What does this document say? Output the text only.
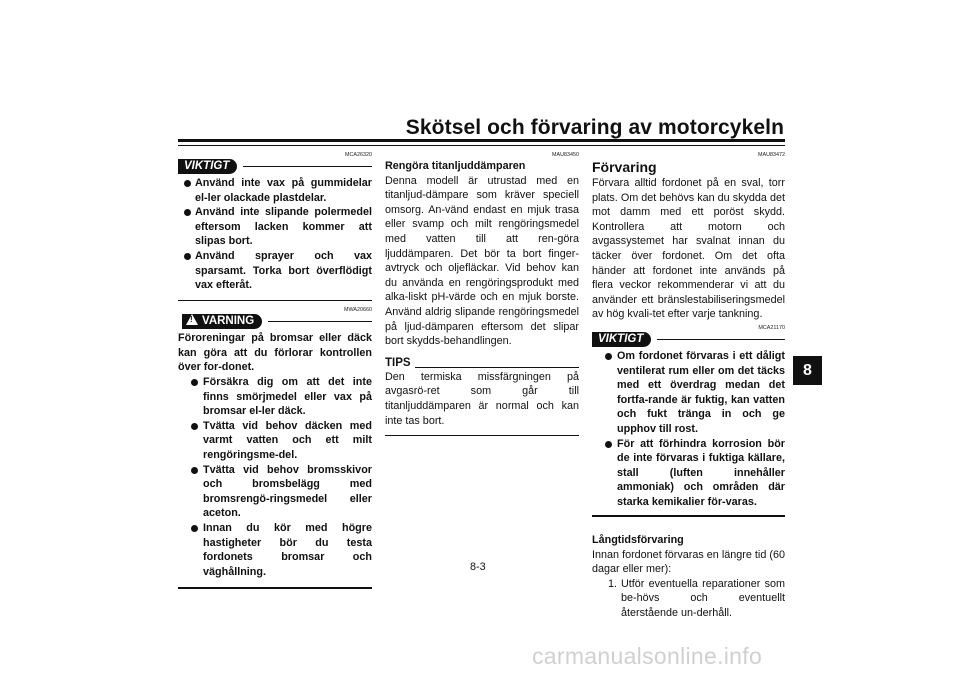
Skötsel och förvaring av motorcykeln
8
MCA26320
VIKTIGT
Använd inte vax på gummidelar el-ler olackade plastdelar.
Använd inte slipande polermedel eftersom lacken kommer att slipas bort.
Använd sprayer och vax sparsamt. Torka bort överflödigt vax efteråt.
MWA20660
!VARNING
Föroreningar på bromsar eller däck kan göra att du förlorar kontrollen över for-donet.
Försäkra dig om att det inte finns smörjmedel eller vax på bromsar el-ler däck.
Tvätta vid behov däcken med varmt vatten och ett milt rengöringsme-del.
Tvätta vid behov bromsskivor och bromsbelägg med bromsrengö-ringsmedel eller aceton.
Innan du kör med högre hastigheter bör du testa fordonets bromsar och väghållning.
MAU83450
Rengöra titanljuddämparen
Denna modell är utrustad med en titanljud-dämpare som kräver speciell omsorg. An-vänd endast en mjuk trasa eller svamp och milt rengöringsmedel med vatten till att ren-göra ljuddämparen. Det bör ta bort finger-avtryck och oljefläckar. Vid behov kan du använda en rengöringsprodukt med alka-liskt pH-värde och en mjuk borste. Använd aldrig slipande rengöringsmedel på ljud-dämparen eftersom det slipar bort skydds-behandlingen.
TIPS
Den termiska missfärgningen på avgasrö-ret som går till titanljuddämparen är normal och kan inte tas bort.
MAU83472
Förvaring
Förvara alltid fordonet på en sval, torr plats. Om det behövs kan du skydda det mot damm med ett poröst skydd. Kontrollera att motorn och avgassystemet har svalnat innan du täcker över fordonet. Om det ofta händer att fordonet inte används på flera veckor rekommenderar vi att du använder ett bränslestabiliseringsmedel av hög kvali-tet efter varje tankning.
MCA21170
VIKTIGT
Om fordonet förvaras i ett dåligt ventilerat rum eller om det täcks med ett överdrag medan det fortfa-rande är fuktig, kan vatten och fukt tränga in och ge upphov till rost.
För att förhindra korrosion bör de inte förvaras i fuktiga källare, stall (luften innehåller ammoniak) och områden där starka kemikalier för-varas.
Långtidsförvaring
Innan fordonet förvaras en längre tid (60 dagar eller mer):
1. Utför eventuella reparationer som be-hövs och eventuellt återstående un-derhåll.
8-3
carmanualsonline.info
